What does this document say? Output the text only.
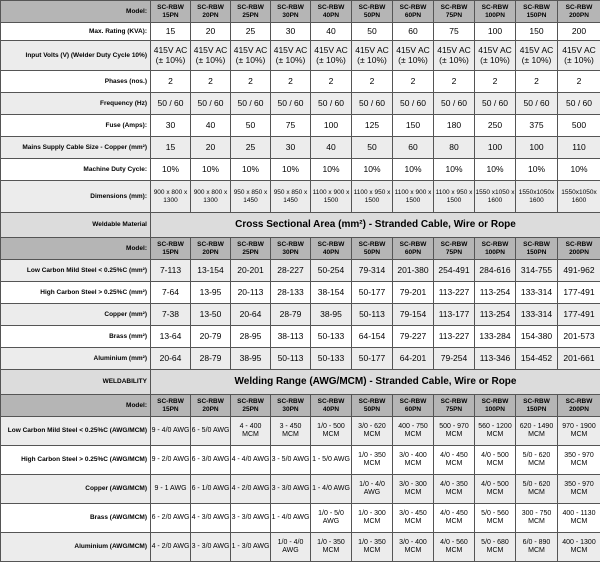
Model:	SC-RBW 15PN	SC-RBW 20PN	SC-RBW 25PN	SC-RBW 30PN	SC-RBW 40PN	SC-RBW 50PN	SC-RBW 60PN	SC-RBW 75PN	SC-RBW 100PN	SC-RBW 150PN	SC-RBW 200PN
Max. Rating (KVA):	15	20	25	30	40	50	60	75	100	150	200
Input Volts (V) (Welder Duty Cycle 10%)	415V AC (± 10%)	415V AC (± 10%)	415V AC (± 10%)	415V AC (± 10%)	415V AC (± 10%)	415V AC (± 10%)	415V AC (± 10%)	415V AC (± 10%)	415V AC (± 10%)	415V AC (± 10%)	415V AC (± 10%)
Phases (nos.)	2	2	2	2	2	2	2	2	2	2	2
Frequency (Hz)	50 / 60	50 / 60	50 / 60	50 / 60	50 / 60	50 / 60	50 / 60	50 / 60	50 / 60	50 / 60	50 / 60
Fuse (Amps):	30	40	50	75	100	125	150	180	250	375	500
Mains Supply Cable Size - Copper (mm²)	15	20	25	30	40	50	60	80	100	100	110
Machine Duty Cycle:	10%	10%	10%	10%	10%	10%	10%	10%	10%	10%	10%
Dimensions (mm):	900 x 800 x 1300	900 x 800 x 1300	950 x 850 x 1450	950 x 850 x 1450	1100 x 900 x 1500	1100 x 950 x 1500	1100 x 900 x 1500	1100 x 950 x 1500	1550 x1050 x 1600	1550x1050x 1600	1550x1050x 1600
Weldable Material	Cross Sectional Area (mm²) - Stranded Cable, Wire or Rope										
Model:	SC-RBW 15PN	SC-RBW 20PN	SC-RBW 25PN	SC-RBW 30PN	SC-RBW 40PN	SC-RBW 50PN	SC-RBW 60PN	SC-RBW 75PN	SC-RBW 100PN	SC-RBW 150PN	SC-RBW 200PN
Low Carbon Mild Steel < 0.25%C (mm²)	7-113	13-154	20-201	28-227	50-254	79-314	201-380	254-491	284-616	314-755	491-962
High Carbon Steel > 0.25%C (mm²)	7-64	13-95	20-113	28-133	38-154	50-177	79-201	113-227	113-254	133-314	177-491
Copper (mm²)	7-38	13-50	20-64	28-79	38-95	50-113	79-154	113-177	113-254	133-314	177-491
Brass (mm²)	13-64	20-79	28-95	38-113	50-133	64-154	79-227	113-227	133-284	154-380	201-573
Aluminium (mm²)	20-64	28-79	38-95	50-113	50-133	50-177	64-201	79-254	113-346	154-452	201-661
WELDABILITY	Welding Range (AWG/MCM) - Stranded Cable, Wire or Rope										
Model:	SC-RBW 15PN	SC-RBW 20PN	SC-RBW 25PN	SC-RBW 30PN	SC-RBW 40PN	SC-RBW 50PN	SC-RBW 60PN	SC-RBW 75PN	SC-RBW 100PN	SC-RBW 150PN	SC-RBW 200PN
Low Carbon Mild Steel < 0.25%C (AWG/MCM)	9 - 4/0 AWG	6 - 5/0 AWG	4 - 400 MCM	3 - 450 MCM	1/0 - 500 MCM	3/0 - 620 MCM	400 - 750 MCM	500 - 970 MCM	560 - 1200 MCM	620 - 1490 MCM	970 - 1900 MCM
High Carbon Steel > 0.25%C (AWG/MCM)	9 - 2/0 AWG	6 - 3/0 AWG	4 - 4/0 AWG	3 - 5/0 AWG	1 - 5/0 AWG	1/0 - 350 MCM	3/0 - 400 MCM	4/0 - 450 MCM	4/0 - 500 MCM	5/0 - 620 MCM	350 - 970 MCM
Copper (AWG/MCM)	9 - 1 AWG	6 - 1/0 AWG	4 - 2/0 AWG	3 - 3/0 AWG	1 - 4/0 AWG	1/0 - 4/0 AWG	3/0 - 300 MCM	4/0 - 350 MCM	4/0 - 500 MCM	5/0 - 620 MCM	350 - 970 MCM
Brass (AWG/MCM)	6 - 2/0 AWG	4 - 3/0 AWG	3 - 3/0 AWG	1 - 4/0 AWG	1/0 - 5/0 AWG	1/0 - 300 MCM	3/0 - 450 MCM	4/0 - 450 MCM	5/0 - 560 MCM	300 - 750 MCM	400 - 1130 MCM
Aluminium (AWG/MCM)	4 - 2/0 AWG	3 - 3/0 AWG	1 - 3/0 AWG	1/0 - 4/0 AWG	1/0 - 350 MCM	1/0 - 350 MCM	3/0 - 400 MCM	4/0 - 560 MCM	5/0 - 680 MCM	6/0 - 890 MCM	400 - 1300 MCM
